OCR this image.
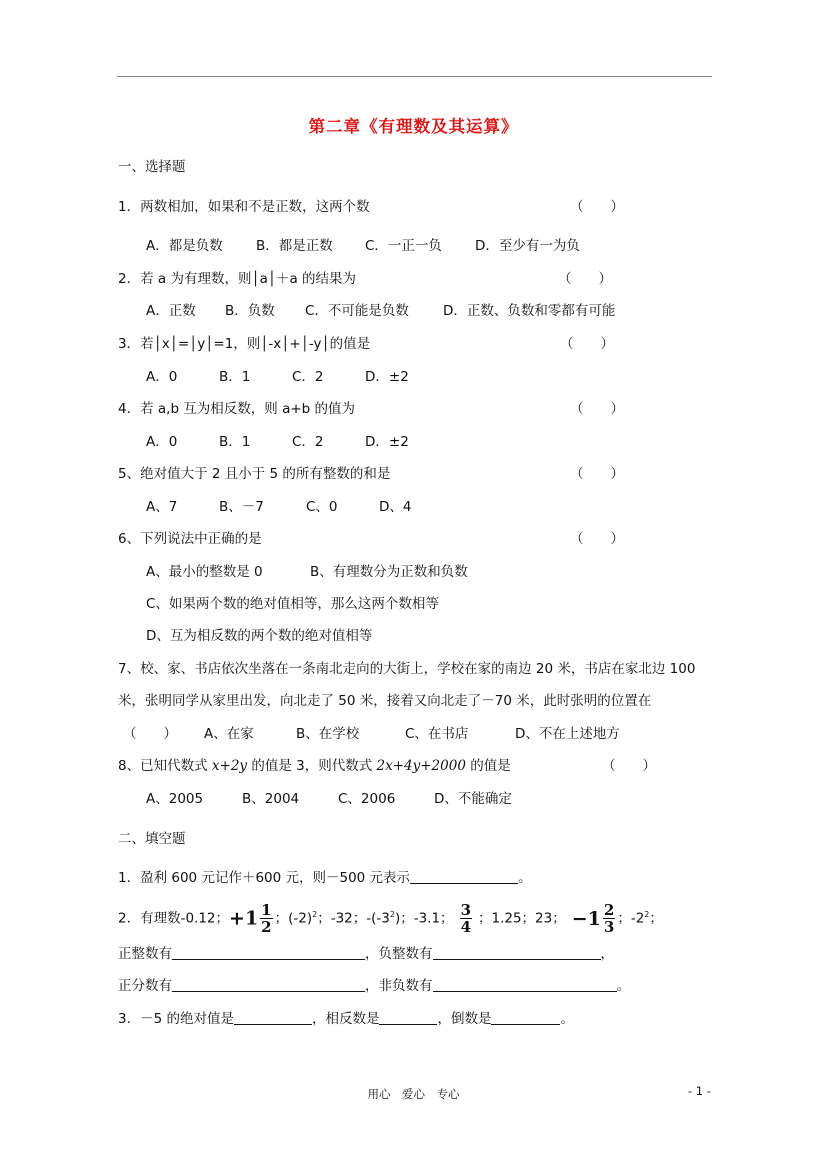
第二章《有理数及其运算》
一、选择题
1．两数相加，如果和不是正数，这两个数	（　　）
A．都是负数 B．都是正数 C．一正一负 D．至少有一为负
2．若 a 为有理数，则│a│＋a 的结果为	（　　）
A．正数 B．负数 C．不可能是负数	D．正数、负数和零都有可能
3．若│x│=│y│=1，则│-x│+│-y│的值是	（　　）
A．0	B．1	C．2	D．±2
4．若 a,b 互为相反数，则 a+b 的值为	（　　）
A．0	B．1	C．2	D．±2
5、绝对值大于 2 且小于 5 的所有整数的和是	（　　）
A、7	B、－7	C、0	D、4
6、下列说法中正确的是	（　　）
A、最小的整数是 0	B、有理数分为正数和负数
C、如果两个数的绝对值相等，那么这两个数相等
D、互为相反数的两个数的绝对值相等
7、校、家、书店依次坐落在一条南北走向的大街上，学校在家的南边 20 米，书店在家北边 100
米，张明同学从家里出发，向北走了 50 米，接着又向北走了－70 米，此时张明的位置在
（　　） A、在家	B、在学校	C、在书店	D、不在上述地方
8、已知代数式 x+2y 的值是 3，则代数式 2x+4y+2000 的值是	（　　）
A、2005	B、2004	C、2006	D、不能确定
二、填空题
1．盈利 600 元记作＋600 元，则－500 元表示	。
2．有理数-0.12；$+1 \frac{1}{2}$ ；$(-2)^2$；-32；$-(-3^2)$；-3.1； $\frac{3}{4}$ ；1.25；23； $-1 \frac{2}{3}$ ；$-2^2$；
正整数有	，负整数有	，
正分数有	，非负数有	。
3．－5 的绝对值是	，相反数是	，倒数是	。
用心　爱心　专心	- 1 -
